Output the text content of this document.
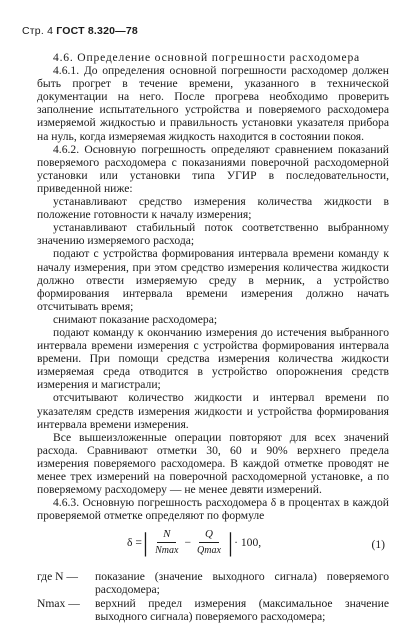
Стр. 4 ГОСТ 8.320—78

4.6. Определение основной погрешности расходомера

4.6.1. До определения основной погрешности расходомер должен быть прогрет в течение времени, указанного в технической документации на него. После прогрева необходимо проверить заполнение испытательного устройства и поверяемого расходомера измеряемой жидкостью и правильность установки указателя прибора на нуль, когда измеряемая жидкость находится в состоянии покоя.

4.6.2. Основную погрешность определяют сравнением показаний поверяемого расходомера с показаниями поверочной расходомерной установки или установки типа УГИР в последовательности, приведенной ниже:

устанавливают средство измерения количества жидкости в положение готовности к началу измерения;

устанавливают стабильный поток соответственно выбранному значению измеряемого расхода;

подают с устройства формирования интервала времени команду к началу измерения, при этом средство измерения количества жидкости должно отвести измеряемую среду в мерник, а устройство формирования интервала времени измерения должно начать отсчитывать время;

снимают показание расходомера;

подают команду к окончанию измерения до истечения выбранного интервала времени измерения с устройства формирования интервала времени. При помощи средства измерения количества жидкости измеряемая среда отводится в устройство опорожнения средств измерения и магистрали;

отсчитывают количество жидкости и интервал времени по указателям средств измерения жидкости и устройства формирования интервала времени измерения.

Все вышеизложенные операции повторяют для всех значений расхода. Сравнивают отметки 30, 60 и 90% верхнего предела измерения поверяемого расходомера. В каждой отметке проводят не менее трех измерений на поверочной расходомерной установке, а по поверяемому расходомеру — не менее девяти измерений.

4.6.3. Основную погрешность расходомера δ в процентах в каждой проверяемой отметке определяют по формуле

δ = | $\frac{N}{Nmax} - \frac{Q}{Qmax}$ | · 100,	(1)
где N —	показание (значение выходного сигнала) поверяемого расходомера;
Nmax —	верхний предел измерения (максимальное значение выходного сигнала) поверяемого расходомера;
